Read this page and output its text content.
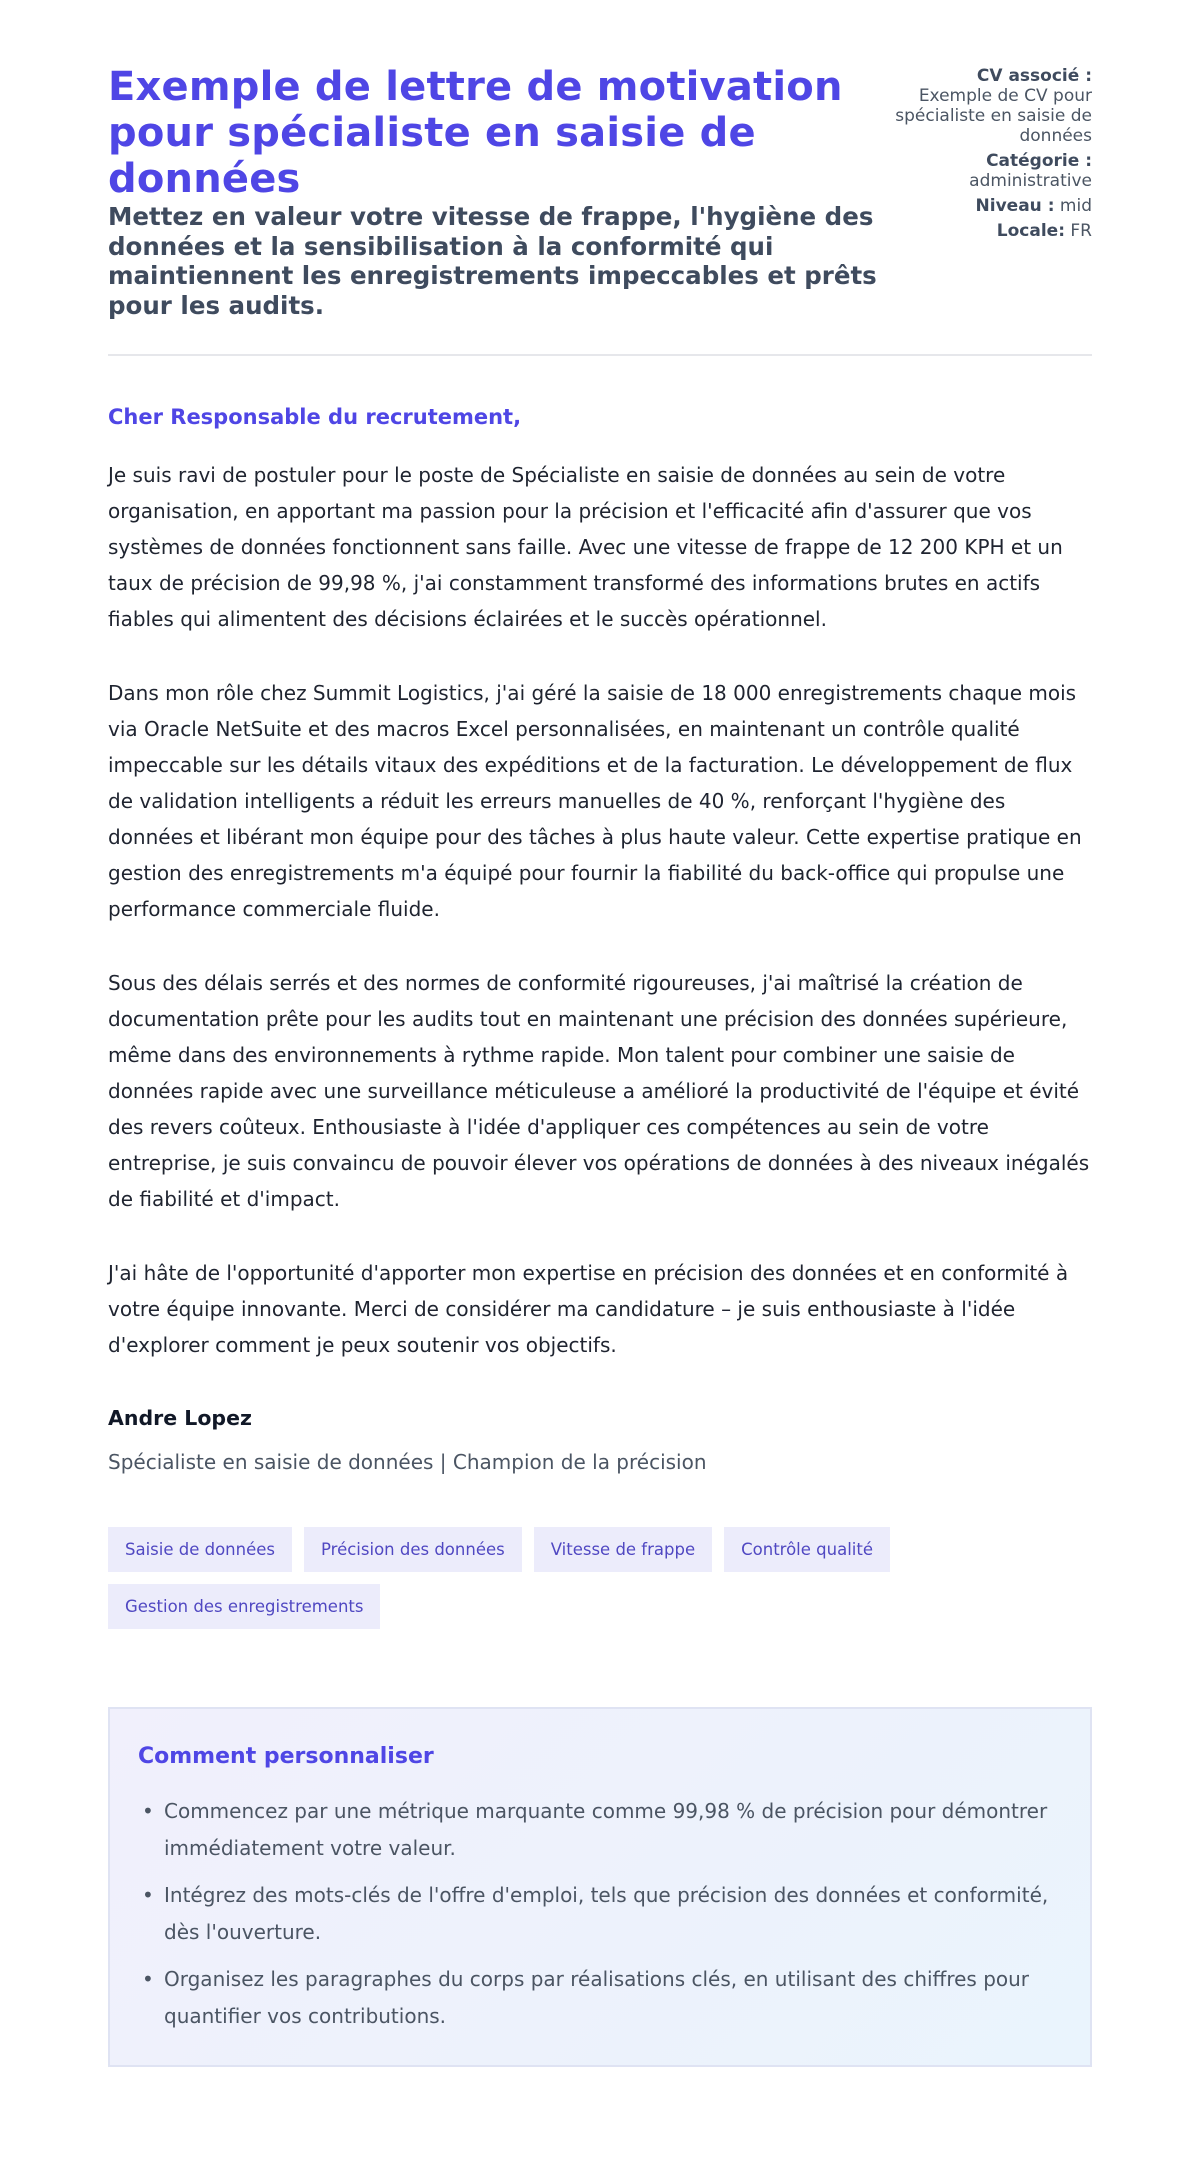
Exemple de lettre de motivation pour spécialiste en saisie de données
Mettez en valeur votre vitesse de frappe, l'hygiène des données et la sensibilisation à la conformité qui maintiennent les enregistrements impeccables et prêts pour les audits.
CV associé :
Exemple de CV pour spécialiste en saisie de données
Catégorie :
administrative
Niveau : mid
Locale: FR

Cher Responsable du recrutement,

Je suis ravi de postuler pour le poste de Spécialiste en saisie de données au sein de votre organisation, en apportant ma passion pour la précision et l'efficacité afin d'assurer que vos systèmes de données fonctionnent sans faille. Avec une vitesse de frappe de 12 200 KPH et un taux de précision de 99,98 %, j'ai constamment transformé des informations brutes en actifs fiables qui alimentent des décisions éclairées et le succès opérationnel.

Dans mon rôle chez Summit Logistics, j'ai géré la saisie de 18 000 enregistrements chaque mois via Oracle NetSuite et des macros Excel personnalisées, en maintenant un contrôle qualité impeccable sur les détails vitaux des expéditions et de la facturation. Le développement de flux de validation intelligents a réduit les erreurs manuelles de 40 %, renforçant l'hygiène des données et libérant mon équipe pour des tâches à plus haute valeur. Cette expertise pratique en gestion des enregistrements m'a équipé pour fournir la fiabilité du back-office qui propulse une performance commerciale fluide.

Sous des délais serrés et des normes de conformité rigoureuses, j'ai maîtrisé la création de documentation prête pour les audits tout en maintenant une précision des données supérieure, même dans des environnements à rythme rapide. Mon talent pour combiner une saisie de données rapide avec une surveillance méticuleuse a amélioré la productivité de l'équipe et évité des revers coûteux. Enthousiaste à l'idée d'appliquer ces compétences au sein de votre entreprise, je suis convaincu de pouvoir élever vos opérations de données à des niveaux inégalés de fiabilité et d'impact.

J'ai hâte de l'opportunité d'apporter mon expertise en précision des données et en conformité à votre équipe innovante. Merci de considérer ma candidature – je suis enthousiaste à l'idée d'explorer comment je peux soutenir vos objectifs.

Andre Lopez
Spécialiste en saisie de données | Champion de la précision
Saisie de données	Précision des données	Vitesse de frappe	Contrôle qualité
Gestion des enregistrements
Comment personnaliser
• Commencez par une métrique marquante comme 99,98 % de précision pour démontrer immédiatement votre valeur.
• Intégrez des mots-clés de l'offre d'emploi, tels que précision des données et conformité, dès l'ouverture.
• Organisez les paragraphes du corps par réalisations clés, en utilisant des chiffres pour quantifier vos contributions.
